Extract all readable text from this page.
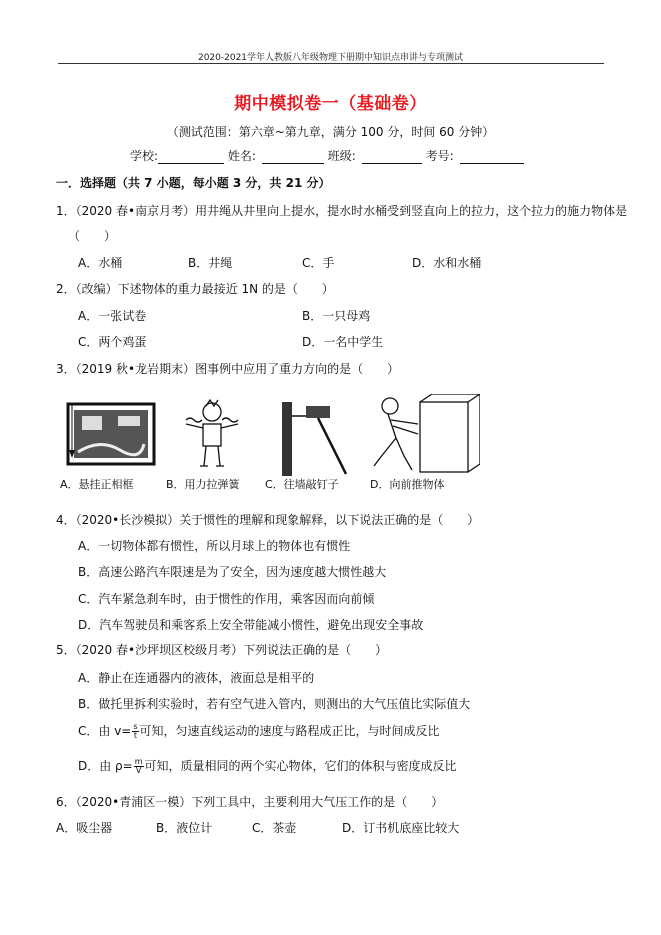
2020-2021学年人教版八年级物理下册期中知识点串讲与专项测试
期中模拟卷一（基础卷）
（测试范围：第六章~第九章，满分 100 分，时间 60 分钟）
学校:	姓名:	班级:	考号:
一．选择题（共 7 小题，每小题 3 分，共 21 分）
1．（2020 春•南京月考）用井绳从井里向上提水，提水时水桶受到竖直向上的拉力，这个拉力的施力物体是
（　　）
A．水桶	B．井绳	C．手	D．水和水桶
2．（改编）下述物体的重力最接近 1N 的是（　　）
A．一张试卷	B．一只母鸡
C．两个鸡蛋	D．一名中学生
3．（2019 秋•龙岩期末）图事例中应用了重力方向的是（　　）
A．悬挂正相框	B．用力拉弹簧 C．往墙敲钉子	D．向前推物体
4．（2020•长沙模拟）关于惯性的理解和现象解释，以下说法正确的是（　　）
A．一切物体都有惯性，所以月球上的物体也有惯性
B．高速公路汽车限速是为了安全，因为速度越大惯性越大
C．汽车紧急刹车时，由于惯性的作用，乘客因而向前倾
D．汽车驾驶员和乘客系上安全带能减小惯性，避免出现安全事故
5．（2020 春•沙坪坝区校级月考）下列说法正确的是（　　）
A．静止在连通器内的液体，液面总是相平的
B．做托里拆利实验时，若有空气进入管内，则测出的大气压值比实际值大
C．由 $v= \frac{s}{t}$ 可知，匀速直线运动的速度与路程成正比，与时间成反比
D．由 $\rho= \frac{m}{V}$ 可知，质量相同的两个实心物体，它们的体积与密度成反比
6．（2020•青浦区一模）下列工具中，主要利用大气压工作的是（　　）
A．吸尘器	B．液位计	C．茶壶	D．订书机底座比较大
